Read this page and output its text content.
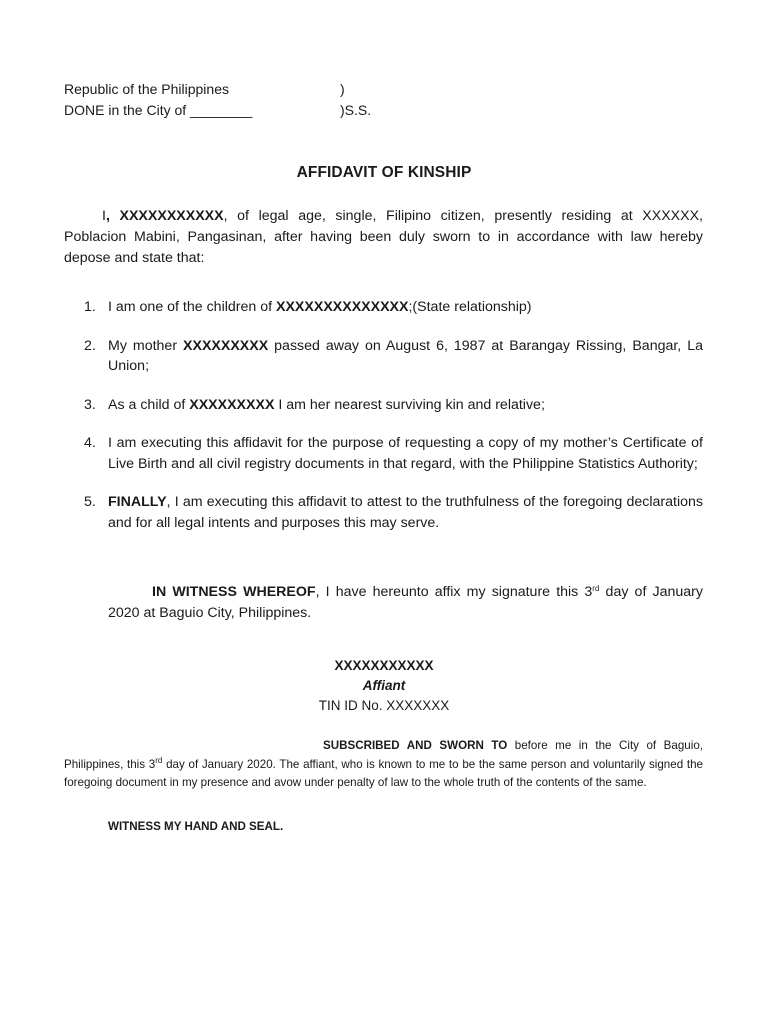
Republic of the Philippines	)
DONE in the City of ________	)S.S.
AFFIDAVIT OF KINSHIP
I, XXXXXXXXXXX, of legal age, single, Filipino citizen, presently residing at XXXXXX, Poblacion Mabini, Pangasinan, after having been duly sworn to in accordance with law hereby depose and state that:
1. I am one of the children of XXXXXXXXXXXXXX;(State relationship)
2. My mother XXXXXXXXX passed away on August 6, 1987 at Barangay Rissing, Bangar, La Union;
3. As a child of XXXXXXXXX I am her nearest surviving kin and relative;
4. I am executing this affidavit for the purpose of requesting a copy of my mother’s Certificate of Live Birth and all civil registry documents in that regard, with the Philippine Statistics Authority;
5. FINALLY, I am executing this affidavit to attest to the truthfulness of the foregoing declarations and for all legal intents and purposes this may serve.
IN WITNESS WHEREOF, I have hereunto affix my signature this 3rd day of January 2020 at Baguio City, Philippines.
XXXXXXXXXXX
Affiant
TIN ID No. XXXXXXX
SUBSCRIBED AND SWORN TO before me in the City of Baguio, Philippines, this 3rd day of January 2020. The affiant, who is known to me to be the same person and voluntarily signed the foregoing document in my presence and avow under penalty of law to the whole truth of the contents of the same.
WITNESS MY HAND AND SEAL.
